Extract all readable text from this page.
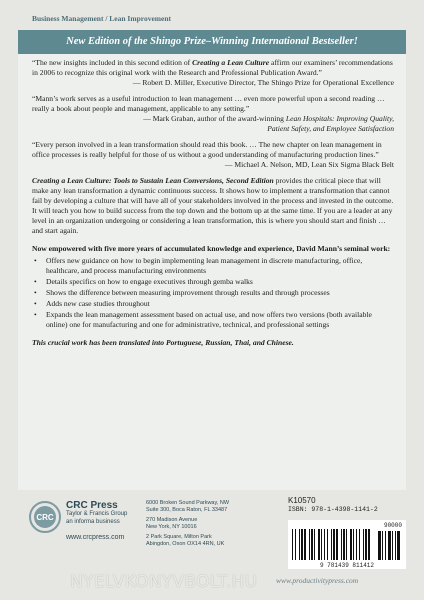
Business Management / Lean Improvement
New Edition of the Shingo Prize–Winning International Bestseller!
“The new insights included in this second edition of Creating a Lean Culture affirm our examiners’ recommendations in 2006 to recognize this original work with the Research and Professional Publication Award.”
— Robert D. Miller, Executive Director, The Shingo Prize for Operational Excellence
“Mann’s work serves as a useful introduction to lean management … even more powerful upon a second reading … really a book about people and management, applicable to any setting.”
— Mark Graban, author of the award-winning Lean Hospitals: Improving Quality,
Patient Safety, and Employee Satisfaction
“Every person involved in a lean transformation should read this book. … The new chapter on lean management in office processes is really helpful for those of us without a good understanding of manufacturing production lines.”
— Michael A. Nelson, MD, Lean Six Sigma Black Belt
Creating a Lean Culture: Tools to Sustain Lean Conversions, Second Edition provides the critical piece that will make any lean transformation a dynamic continuous success. It shows how to implement a transformation that cannot fail by developing a culture that will have all of your stakeholders involved in the process and invested in the outcome. It will teach you how to build success from the top down and the bottom up at the same time. If you are a leader at any level in an organization undergoing or considering a lean transformation, this is where you should start and finish … and start again.
Now empowered with five more years of accumulated knowledge and experience, David Mann’s seminal work:
• Offers new guidance on how to begin implementing lean management in discrete manufacturing, office, healthcare, and process manufacturing environments
• Details specifics on how to engage executives through gemba walks
• Shows the difference between measuring improvement through results and through processes
• Adds new case studies throughout
• Expands the lean management assessment based on actual use, and now offers two versions (both available online) one for manufacturing and one for administrative, technical, and professional settings
This crucial work has been translated into Portuguese, Russian, Thai, and Chinese.
CRC
CRC Press
Taylor & Francis Group
an informa business
www.crcpress.com
6000 Broken Sound Parkway, NW
Suite 300, Boca Raton, FL 33487
270 Madison Avenue
New York, NY 10016
2 Park Square, Milton Park
Abingdon, Oxon OX14 4RN, UK
K10570
ISBN: 978-1-4398-1141-2
90000
9 781439 811412
www.productivitypress.com
NYELVKONYVBOLT.HU
